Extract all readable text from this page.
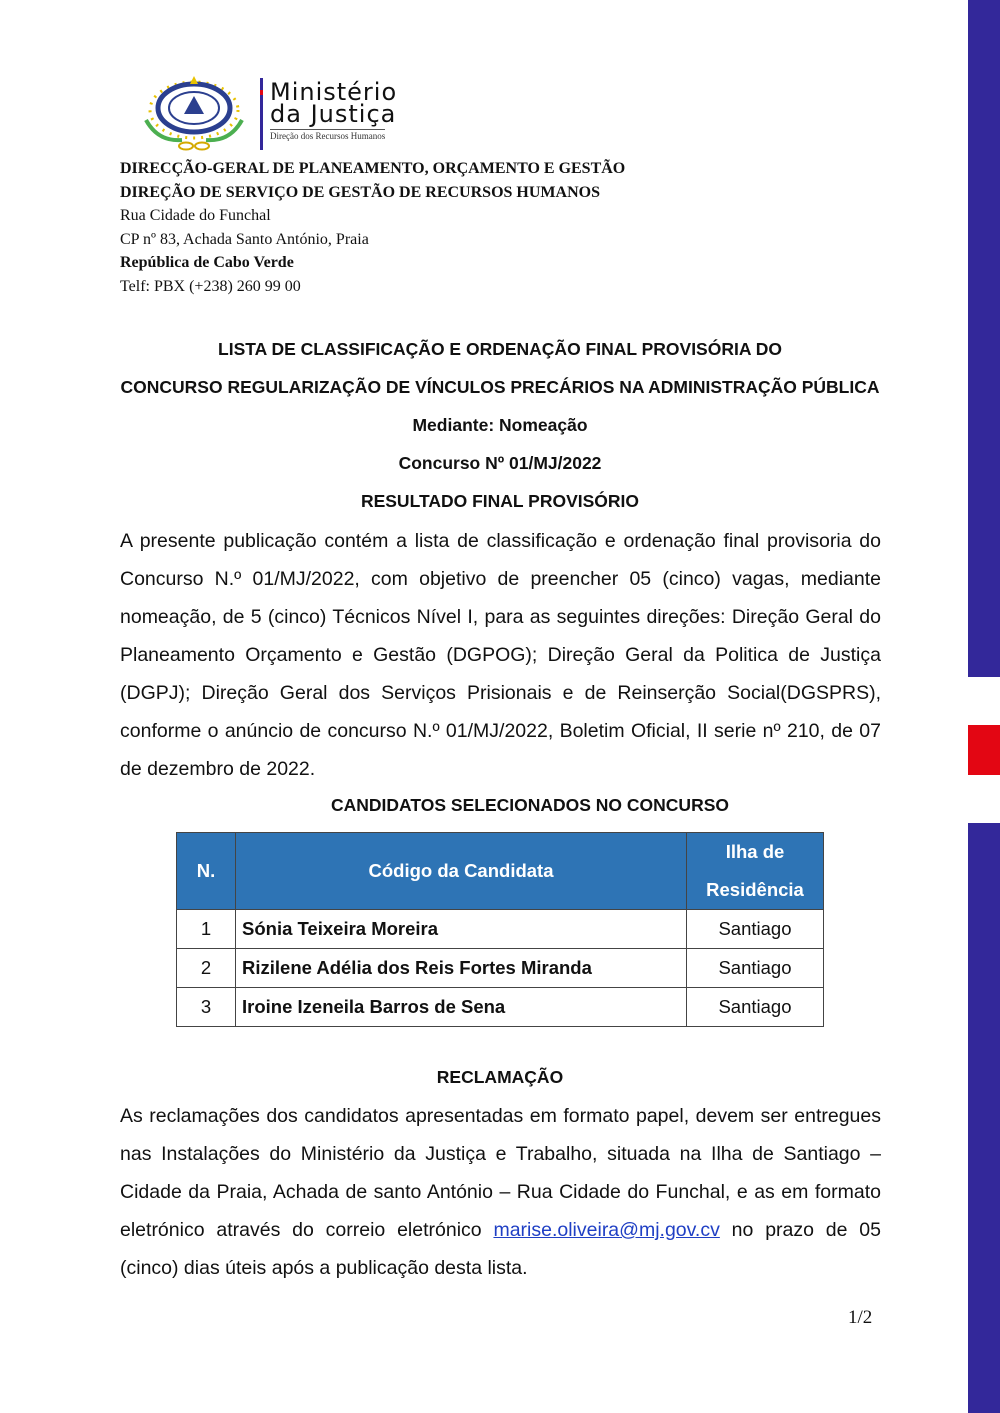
Ministério
da Justiça
Direção dos Recursos Humanos
DIRECÇÃO-GERAL DE PLANEAMENTO, ORÇAMENTO E GESTÃO
DIREÇÃO DE SERVIÇO DE GESTÃO DE RECURSOS HUMANOS
Rua Cidade do Funchal
CP nº 83, Achada Santo António, Praia
República de Cabo Verde
Telf: PBX (+238) 260 99 00
LISTA DE CLASSIFICAÇÃO E ORDENAÇÃO FINAL PROVISÓRIA DO
CONCURSO REGULARIZAÇÃO DE VÍNCULOS PRECÁRIOS NA ADMINISTRAÇÃO PÚBLICA
Mediante: Nomeação
Concurso Nº 01/MJ/2022
RESULTADO FINAL PROVISÓRIO
A presente publicação contém a lista de classificação e ordenação final provisoria do Concurso N.º 01/MJ/2022, com objetivo de preencher 05 (cinco) vagas, mediante nomeação, de 5 (cinco) Técnicos Nível I, para as seguintes direções: Direção Geral do Planeamento Orçamento e Gestão (DGPOG); Direção Geral da Politica de Justiça (DGPJ); Direção Geral dos Serviços Prisionais e de Reinserção Social(DGSPRS), conforme o anúncio de concurso N.º 01/MJ/2022, Boletim Oficial, II serie nº 210, de 07 de dezembro de 2022.
CANDIDATOS SELECIONADOS NO CONCURSO
N.	Código da Candidata	Ilha de Residência
1	Sónia Teixeira Moreira	Santiago
2	Rizilene Adélia dos Reis Fortes Miranda	Santiago
3	Iroine Izeneila Barros de Sena	Santiago
RECLAMAÇÃO
As reclamações dos candidatos apresentadas em formato papel, devem ser entregues nas Instalações do Ministério da Justiça e Trabalho, situada na Ilha de Santiago – Cidade da Praia, Achada de santo António – Rua Cidade do Funchal, e as em formato eletrónico através do correio eletrónico marise.oliveira@mj.gov.cv no prazo de 05 (cinco) dias úteis após a publicação desta lista.
1/2
